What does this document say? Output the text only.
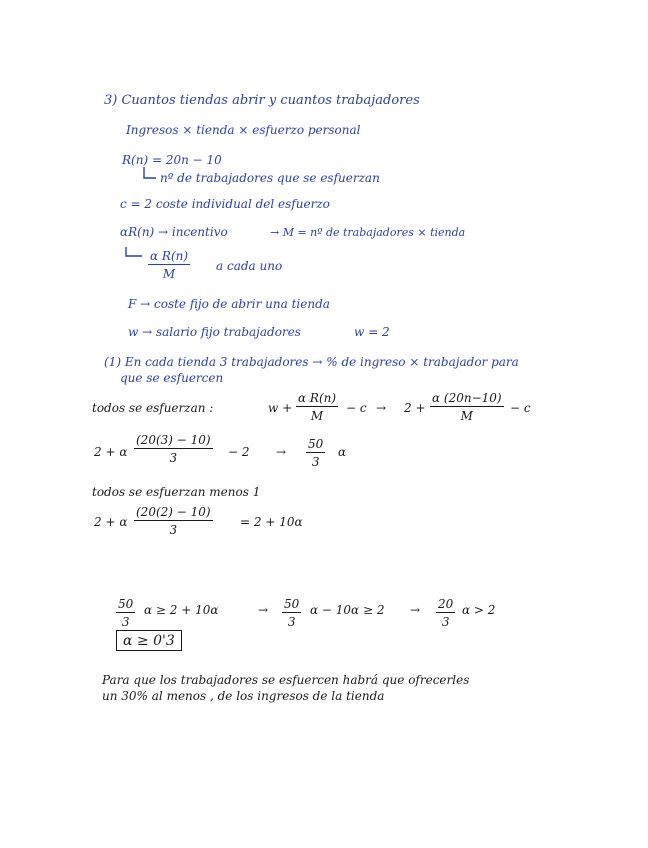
3) Cuantos tiendas abrir y cuantos trabajadores
Ingresos × tienda × esfuerzo personal
R(n) = 20n − 10
nº de trabajadores que se esfuerzan
c = 2 coste individual del esfuerzo
αR(n) → incentivo	→ M = nº de trabajadores × tienda
$\frac{\text{α R(n)}}{M}$ a cada uno
F → coste fijo de abrir una tienda
w → salario fijo trabajadores	w = 2
(1) En cada tienda 3 trabajadores → % de ingreso × trabajador para
que se esfuercen
todos se esfuerzan :	$w + \frac{\text{α R(n)}}{M} - c \to 2 + \frac{\alpha (20n-10)}{M} - c$
2 + α $\frac{(20(3) - 10)}{3} - 2 \to \frac{50}{3}$ α
todos se esfuerzan menos 1
2 + α $\frac{(20(2) - 10)}{3} = 2 + 10\alpha$
$\frac{50}{3}$ α ≥ 2 + 10α	→ $\frac{50}{3}$ $\alpha - 10\alpha \ge 2 \to \frac{20}{3}$ α > 2
α ≥ 0'3
Para que los trabajadores se esfuercen habrá que ofrecerles
un 30% al menos , de los ingresos de la tienda
